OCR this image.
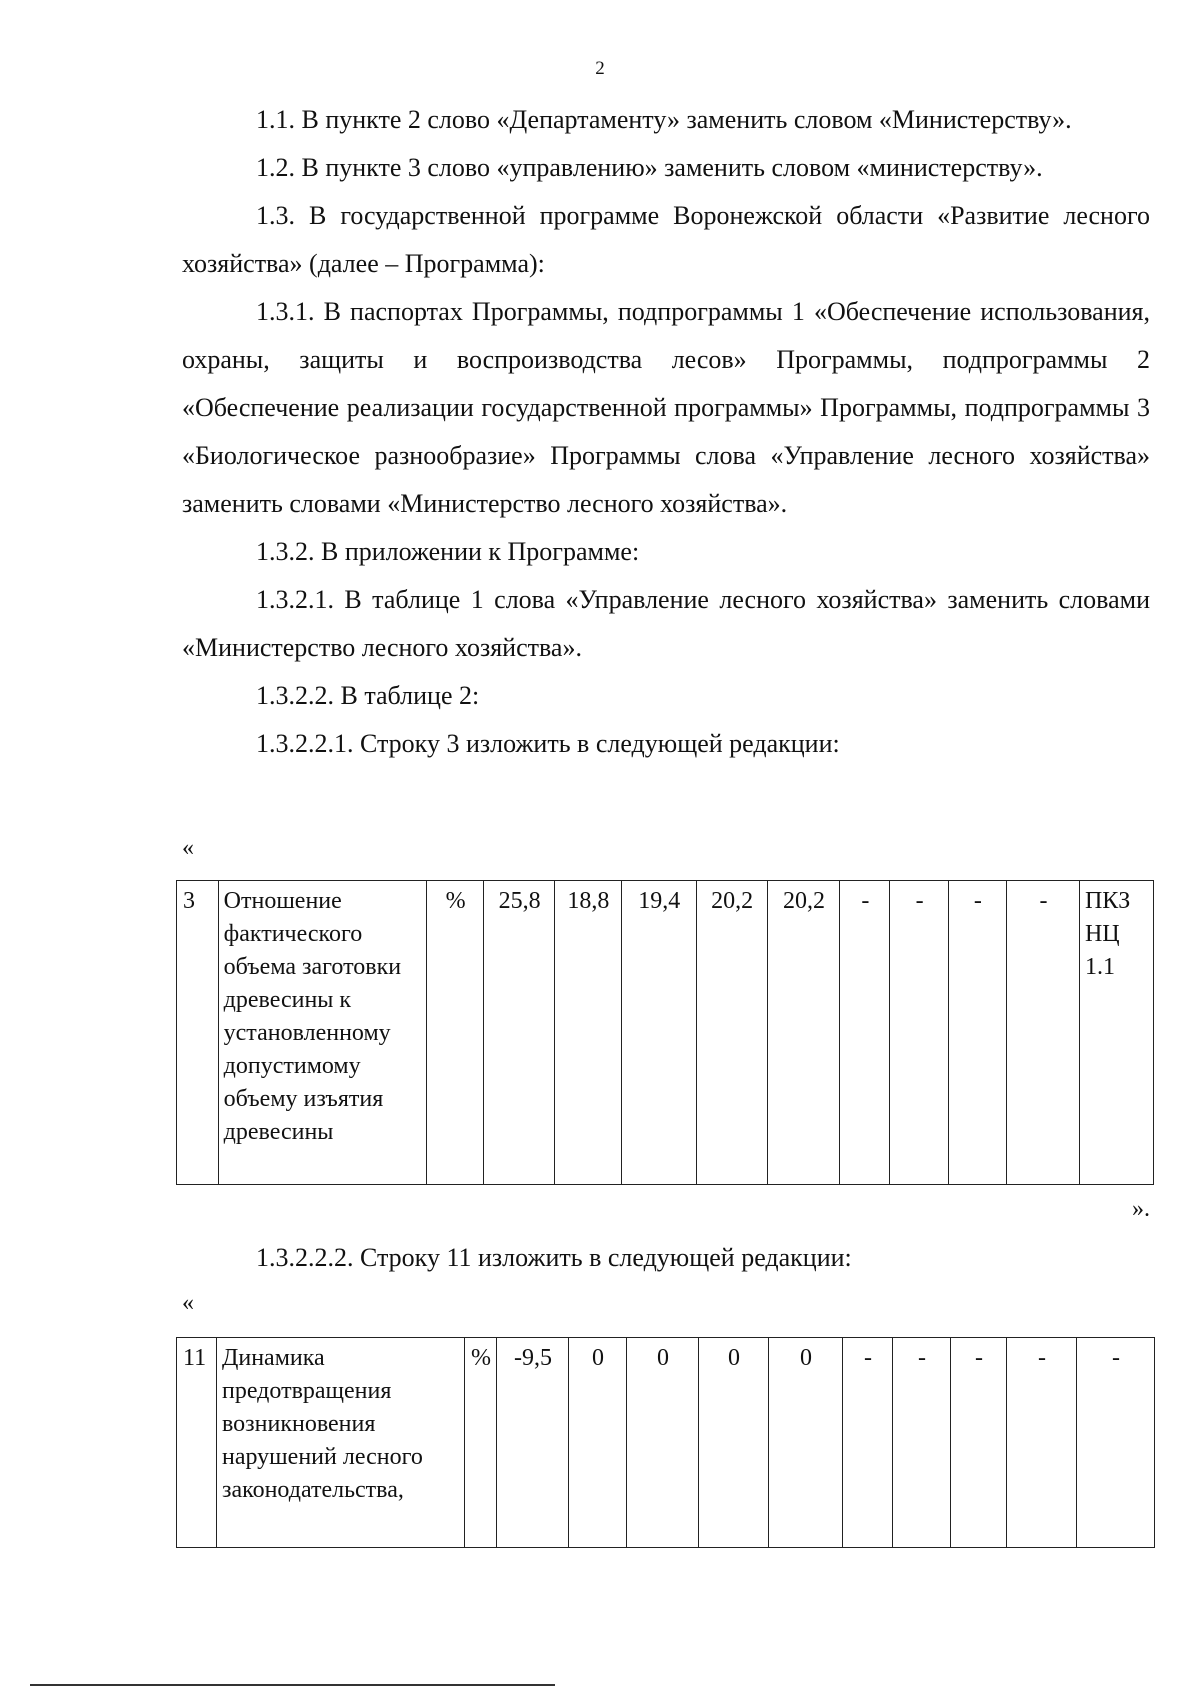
2

1.1. В пункте 2 слово «Департаменту» заменить словом «Министерству».

1.2. В пункте 3 слово «управлению» заменить словом «министерству».

1.3. В государственной программе Воронежской области «Развитие лесного хозяйства» (далее – Программа):

1.3.1. В паспортах Программы, подпрограммы 1 «Обеспечение использования, охраны, защиты и воспроизводства лесов» Программы, подпрограммы 2 «Обеспечение реализации государственной программы» Программы, подпрограммы 3 «Биологическое разнообразие» Программы слова «Управление лесного хозяйства» заменить словами «Министерство лесного хозяйства».

1.3.2. В приложении к Программе:

1.3.2.1. В таблице 1 слова «Управление лесного хозяйства» заменить словами «Министерство лесного хозяйства».

1.3.2.2. В таблице 2:

1.3.2.2.1. Строку 3 изложить в следующей редакции:

«
3	Отношение фактического объема заготовки древесины к установленному допустимому объему изъятия древесины	%	25,8	18,8	19,4	20,2	20,2	-	-	-	-	ПКЗ НЦ 1.1
».
1.3.2.2.2. Строку 11 изложить в следующей редакции:
«
11	Динамика предотвращения возникновения нарушений лесного законодательства,	%	-9,5	0	0	0	0	-	-	-	-	-
